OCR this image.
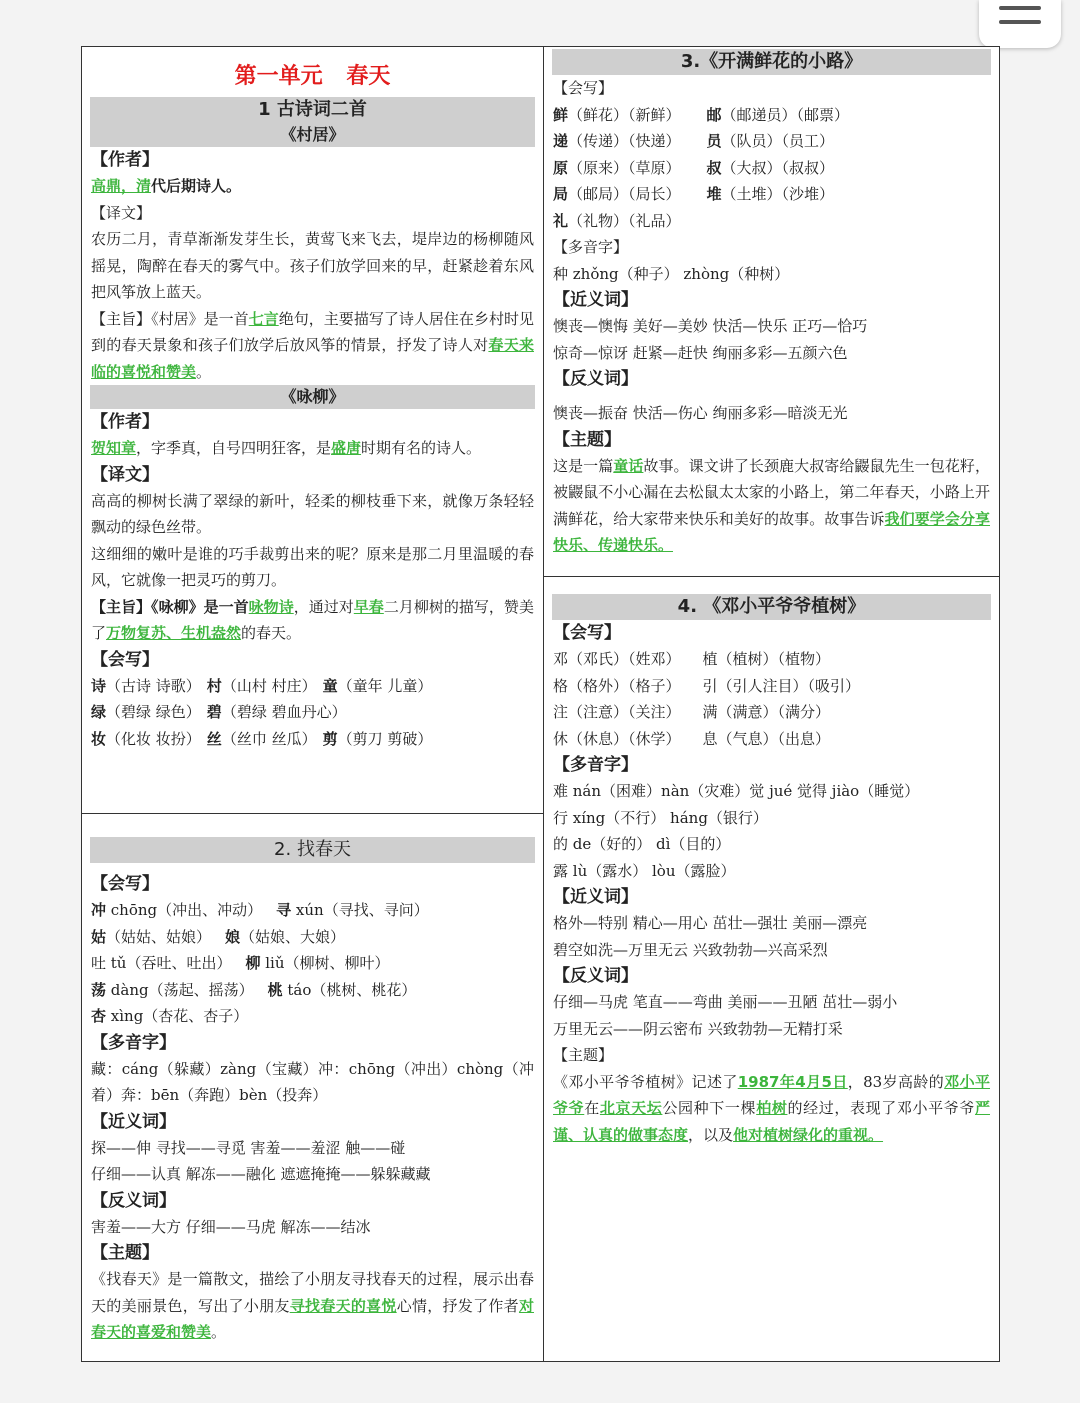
第一单元 春天
1 古诗词二首
《村居》
【作者】
高鼎，清代后期诗人。
【译文】
农历二月，青草渐渐发芽生长，黄莺飞来飞去，堤岸边的杨柳随风摇晃，陶醉在春天的雾气中。孩子们放学回来的早，赶紧趁着东风把风筝放上蓝天。
【主旨】《村居》是一首七言绝句，主要描写了诗人居住在乡村时见到的春天景象和孩子们放学后放风筝的情景，抒发了诗人对春天来临的喜悦和赞美。
《咏柳》
【作者】
贺知章，字季真，自号四明狂客，是盛唐时期有名的诗人。
【译文】
高高的柳树长满了翠绿的新叶，轻柔的柳枝垂下来，就像万条轻轻飘动的绿色丝带。
这细细的嫩叶是谁的巧手裁剪出来的呢？原来是那二月里温暖的春风，它就像一把灵巧的剪刀。
【主旨】《咏柳》是一首咏物诗，通过对早春二月柳树的描写，赞美了万物复苏、生机盎然的春天。
【会写】
诗（古诗 诗歌） 村（山村 村庄） 童（童年 儿童）
绿（碧绿 绿色） 碧（碧绿 碧血丹心）
妆（化妆 妆扮） 丝（丝巾 丝瓜） 剪（剪刀 剪破）
2. 找春天
【会写】
冲 chōng（冲出、冲动） 寻 xún（寻找、寻问）
姑（姑姑、姑娘） 娘（姑娘、大娘）
吐 tǔ（吞吐、吐出） 柳 liǔ（柳树、柳叶）
荡 dàng（荡起、摇荡） 桃 táo（桃树、桃花）
杏 xìng（杏花、杏子）
【多音字】
藏：cáng（躲藏）zàng（宝藏）冲：chōng（冲出）chòng（冲着）奔：bēn（奔跑）bèn（投奔）
【近义词】
探——伸 寻找——寻觅 害羞——羞涩 触——碰
仔细——认真 解冻——融化 遮遮掩掩——躲躲藏藏
【反义词】
害羞——大方 仔细——马虎 解冻——结冰
【主题】
《找春天》是一篇散文，描绘了小朋友寻找春天的过程，展示出春天的美丽景色，写出了小朋友寻找春天的喜悦心情，抒发了作者对春天的喜爱和赞美。
3.《开满鲜花的小路》
【会写】
鲜（鲜花）（新鲜） 邮（邮递员）（邮票）
递（传递）（快递） 员（队员）（员工）
原（原来）（草原） 叔（大叔）（叔叔）
局（邮局）（局长） 堆（土堆）（沙堆）
礼（礼物）（礼品）
【多音字】
种 zhǒng（种子） zhòng（种树）
【近义词】
懊丧—懊悔 美好—美妙 快活—快乐 正巧—恰巧
惊奇—惊讶 赶紧—赶快 绚丽多彩—五颜六色
【反义词】
懊丧—振奋 快活—伤心 绚丽多彩—暗淡无光
【主题】
这是一篇童话故事。课文讲了长颈鹿大叔寄给鼹鼠先生一包花籽，被鼹鼠不小心漏在去松鼠太太家的小路上，第二年春天，小路上开满鲜花，给大家带来快乐和美好的故事。故事告诉我们要学会分享快乐、传递快乐。
4. 《邓小平爷爷植树》
【会写】
邓（邓氏）（姓邓） 植（植树）（植物）
格（格外）（格子） 引（引人注目）（吸引）
注（注意）（关注） 满（满意）（满分）
休（休息）（休学） 息（气息）（出息）
【多音字】
难 nán（困难）nàn（灾难）觉 jué 觉得 jiào（睡觉）
行 xíng（不行） háng（银行）
的 de（好的） dì（目的）
露 lù（露水） lòu（露脸）
【近义词】
格外—特别 精心—用心 茁壮—强壮 美丽—漂亮
碧空如洗—万里无云 兴致勃勃—兴高采烈
【反义词】
仔细—马虎 笔直——弯曲 美丽——丑陋 茁壮—弱小
万里无云——阴云密布 兴致勃勃—无精打采
【主题】
《邓小平爷爷植树》记述了1987年4月5日，83岁高龄的邓小平爷爷在北京天坛公园种下一棵柏树的经过，表现了邓小平爷爷严谨、认真的做事态度，以及他对植树绿化的重视。
